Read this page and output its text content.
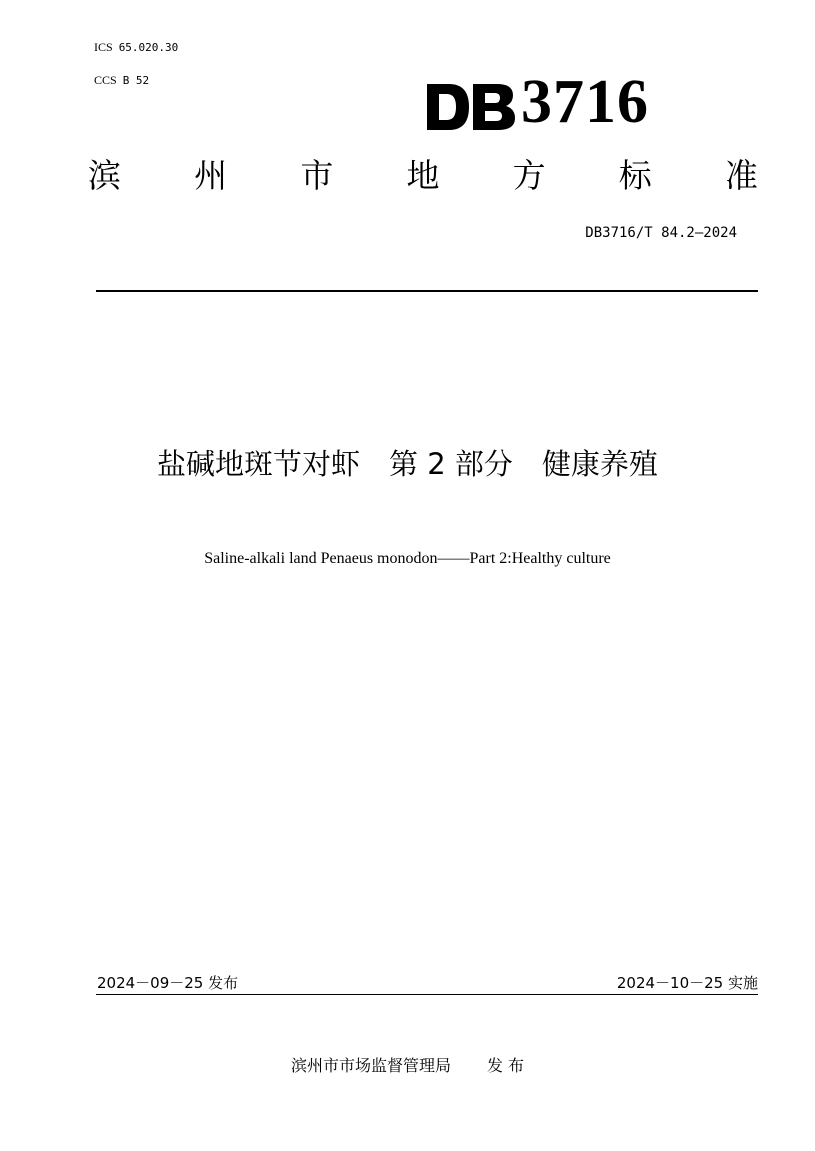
ICS 65.020.30
CCS B 52	3716
滨 州 市 地 方 标 准
DB3716/T 84.2—2024
盐碱地斑节对虾　第 2 部分　健康养殖
Saline-alkali land Penaeus monodon——Part 2:Healthy culture
2024－09－25 发布	2024－10－25 实施
滨州市市场监督管理局 发 布
